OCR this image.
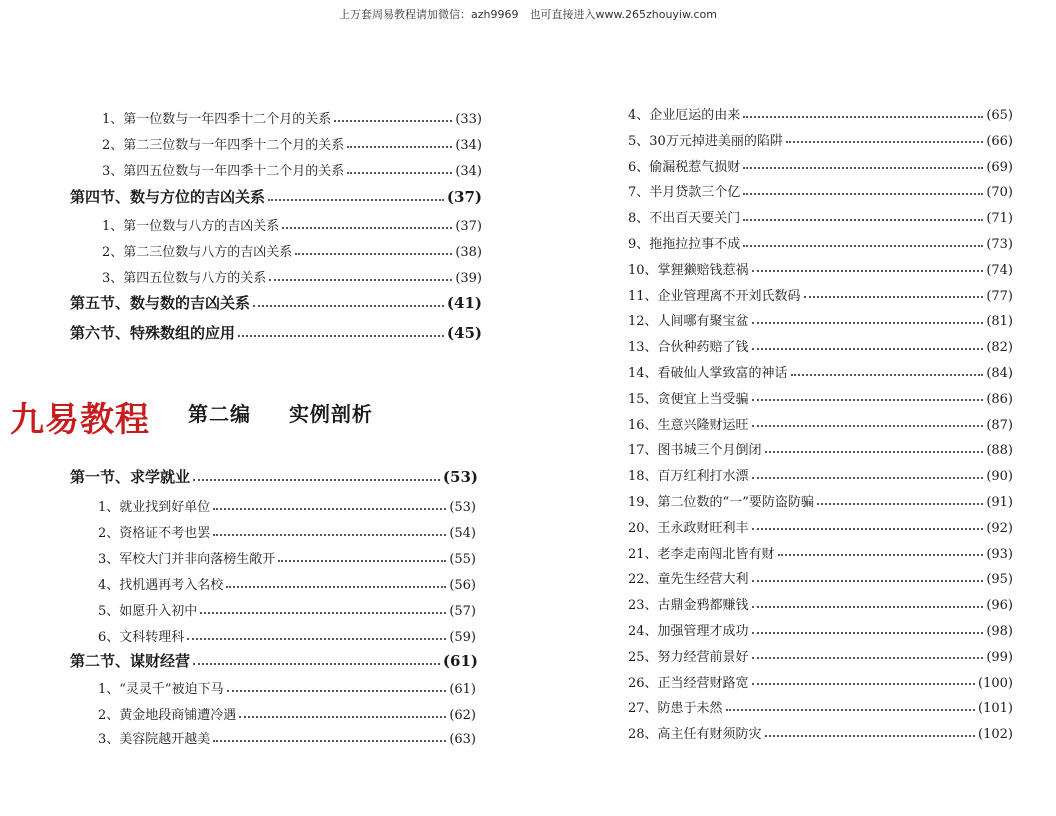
上万套周易教程请加微信：azh9969　也可直接进入www.265zhouyiw.com
1、第一位数与一年四季十二个月的关系	(33)
2、第二三位数与一年四季十二个月的关系	(34)
3、第四五位数与一年四季十二个月的关系	(34)
第四节、数与方位的吉凶关系	(37)
1、第一位数与八方的吉凶关系	(37)
2、第二三位数与八方的吉凶关系	(38)
3、第四五位数与八方的关系	(39)
第五节、数与数的吉凶关系	(41)
第六节、特殊数组的应用	(45)
九易教程 第二编 实例剖析
第一节、求学就业	(53)
1、就业找到好单位	(53)
2、资格证不考也罢	(54)
3、军校大门并非向落榜生敞开	(55)
4、找机遇再考入名校	(56)
5、如愿升入初中	(57)
6、文科转理科	(59)
第二节、谋财经营	(61)
1、“灵灵千”被迫下马	(61)
2、黄金地段商铺遭冷遇	(62)
3、美容院越开越美	(63)
4、企业厄运的由来	(65)
5、30万元掉进美丽的陷阱	(66)
6、偷漏税惹气损财	(69)
7、半月贷款三个亿	(70)
8、不出百天要关门	(71)
9、拖拖拉拉事不成	(73)
10、掌狸獭赔钱惹祸	(74)
11、企业管理离不开刘氏数码	(77)
12、人间哪有聚宝盆	(81)
13、合伙种药赔了钱	(82)
14、看破仙人掌致富的神话	(84)
15、贪便宜上当受骗	(86)
16、生意兴隆财运旺	(87)
17、图书城三个月倒闭	(88)
18、百万红利打水漂	(90)
19、第二位数的“一”要防盗防骗	(91)
20、王永政财旺利丰	(92)
21、老李走南闯北皆有财	(93)
22、童先生经营大利	(95)
23、古鼎金鸦都赚钱	(96)
24、加强管理才成功	(98)
25、努力经营前景好	(99)
26、正当经营财路宽	(100)
27、防患于未然	(101)
28、高主任有财须防灾	(102)
